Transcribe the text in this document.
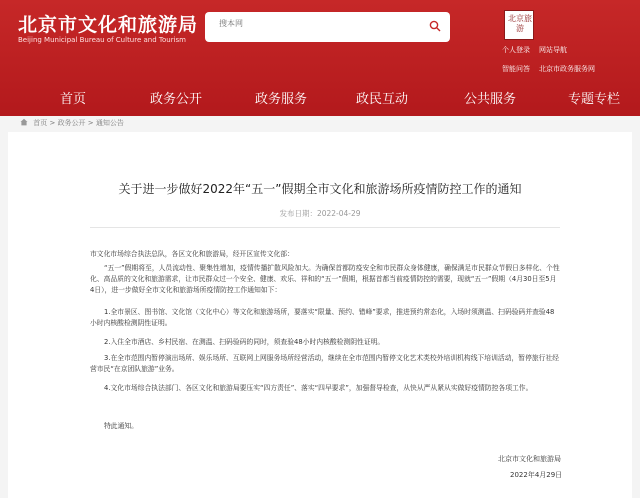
北京市文化和旅游局
Beijing Municipal Bureau of Culture and Tourism
搜本网
北京旅游
个人登录 网站导航
智能问答 北京市政务服务网
首页	政务公开	政务服务	政民互动	公共服务	专题专栏
首页 > 政务公开 > 通知公告
关于进一步做好2022年“五一”假期全市文化和旅游场所疫情防控工作的通知
发布日期：2022-04-29
市文化市场综合执法总队，各区文化和旅游局，经开区宣传文化部：
“五一”假期将至，人员流动性、聚集性增加，疫情传播扩散风险加大。为确保首都防疫安全和市民群众身体健康，确保满足市民群众节假日多样化、个性化、高品质的文化和旅游需求，让市民群众过一个安全、健康、欢乐、祥和的“五一”假期，根据首都当前疫情防控的需要，现就“五一”假期（4月30日至5月4日），进一步做好全市文化和旅游场所疫情防控工作通知如下：
1.全市景区、图书馆、文化馆（文化中心）等文化和旅游场所，要落实“限量、预约、错峰”要求，推进预约常态化，入场时须测温、扫码验码并查验48小时内核酸检测阴性证明。
2.入住全市酒店、乡村民宿、在测温、扫码验码的同时，须查验48小时内核酸检测阴性证明。
3.在全市范围内暂停演出场所、娱乐场所、互联网上网服务场所经营活动，继续在全市范围内暂停文化艺术类校外培训机构线下培训活动，暂停旅行社经营市民“在京团队旅游”业务。
4.文化市场综合执法部门、各区文化和旅游局要压实“四方责任”、落实“四早要求”，加强督导检查，从快从严从紧从实做好疫情防控各项工作。
特此通知。
北京市文化和旅游局
2022年4月29日
